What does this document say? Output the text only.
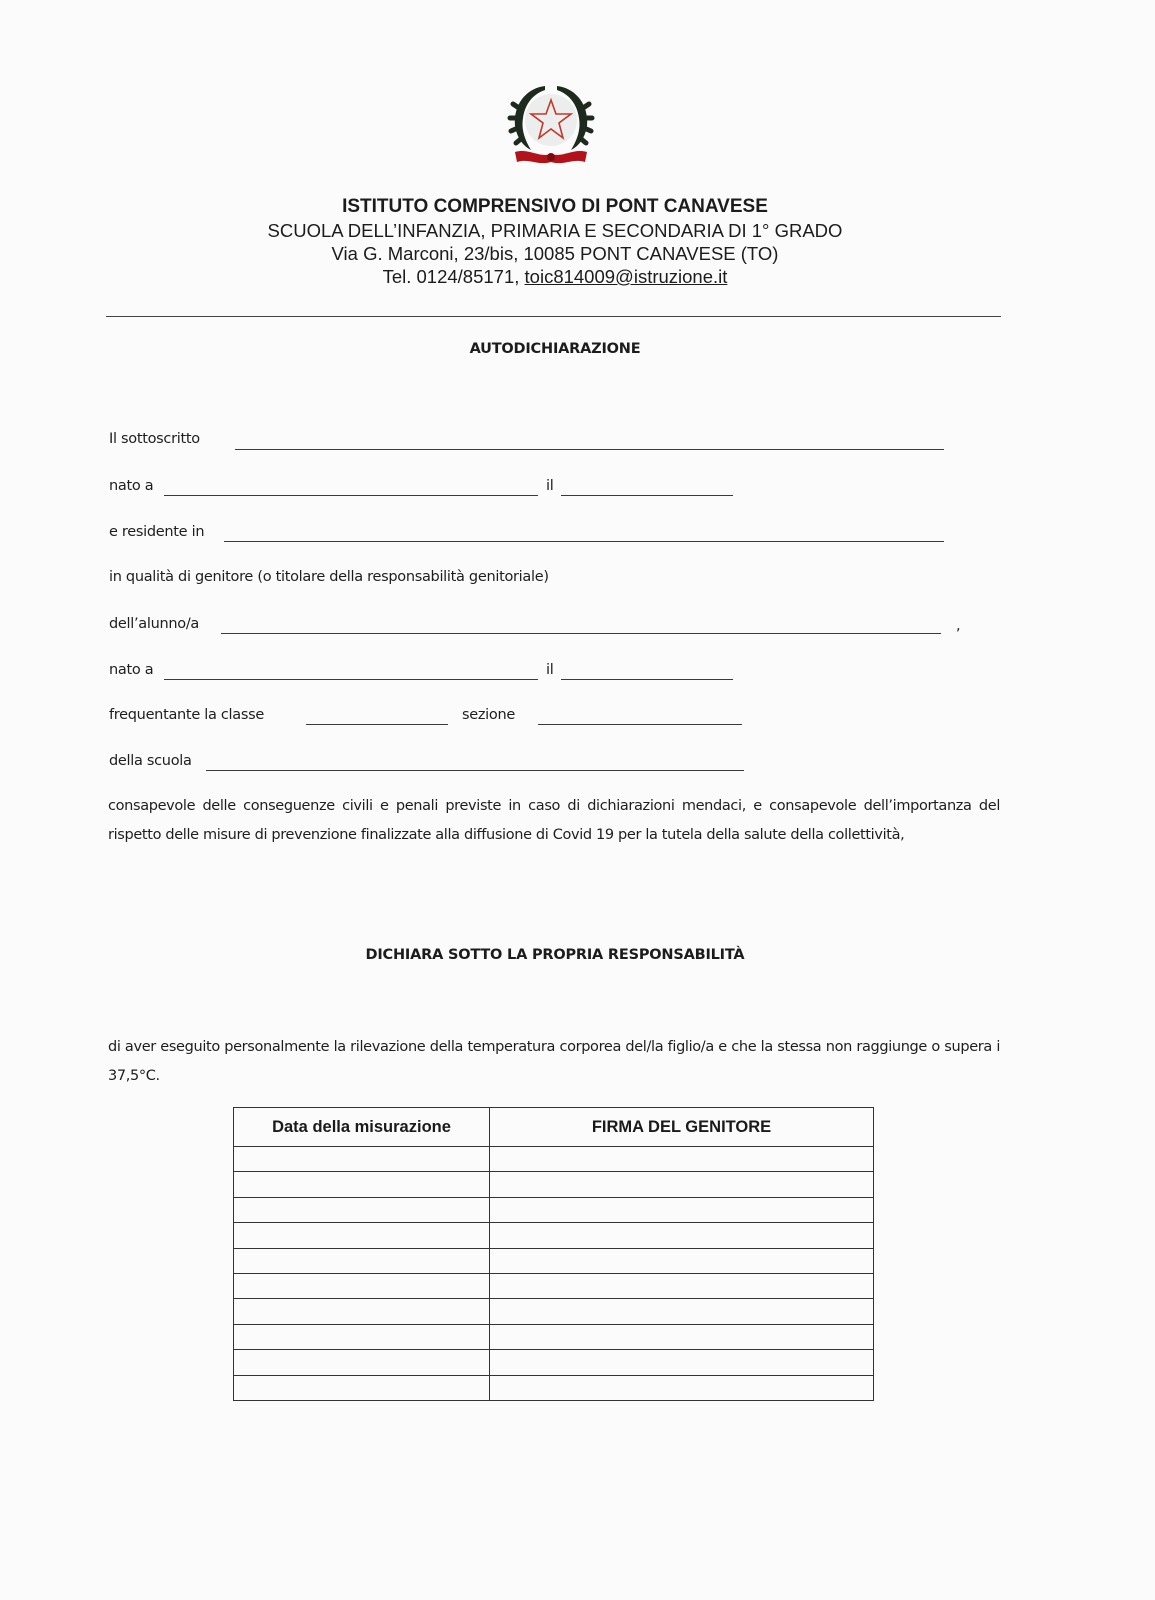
ISTITUTO COMPRENSIVO DI PONT CANAVESE
SCUOLA DELL’INFANZIA, PRIMARIA E SECONDARIA DI 1° GRADO
Via G. Marconi, 23/bis, 10085 PONT CANAVESE (TO)
Tel. 0124/85171, toic814009@istruzione.it
AUTODICHIARAZIONE
Il sottoscritto
nato a	il
e residente in
in qualità di genitore (o titolare della responsabilità genitoriale)
dell’alunno/a	,
nato a	il
frequentante la classe	sezione
della scuola
consapevole delle conseguenze civili e penali previste in caso di dichiarazioni mendaci, e consapevole dell’importanza del rispetto delle misure di prevenzione finalizzate alla diffusione di Covid 19 per la tutela della salute della collettività,
DICHIARA SOTTO LA PROPRIA RESPONSABILITÀ
di aver eseguito personalmente la rilevazione della temperatura corporea del/la figlio/a e che la stessa non raggiunge o supera i 37,5°C.
Data della misurazione	FIRMA DEL GENITORE
